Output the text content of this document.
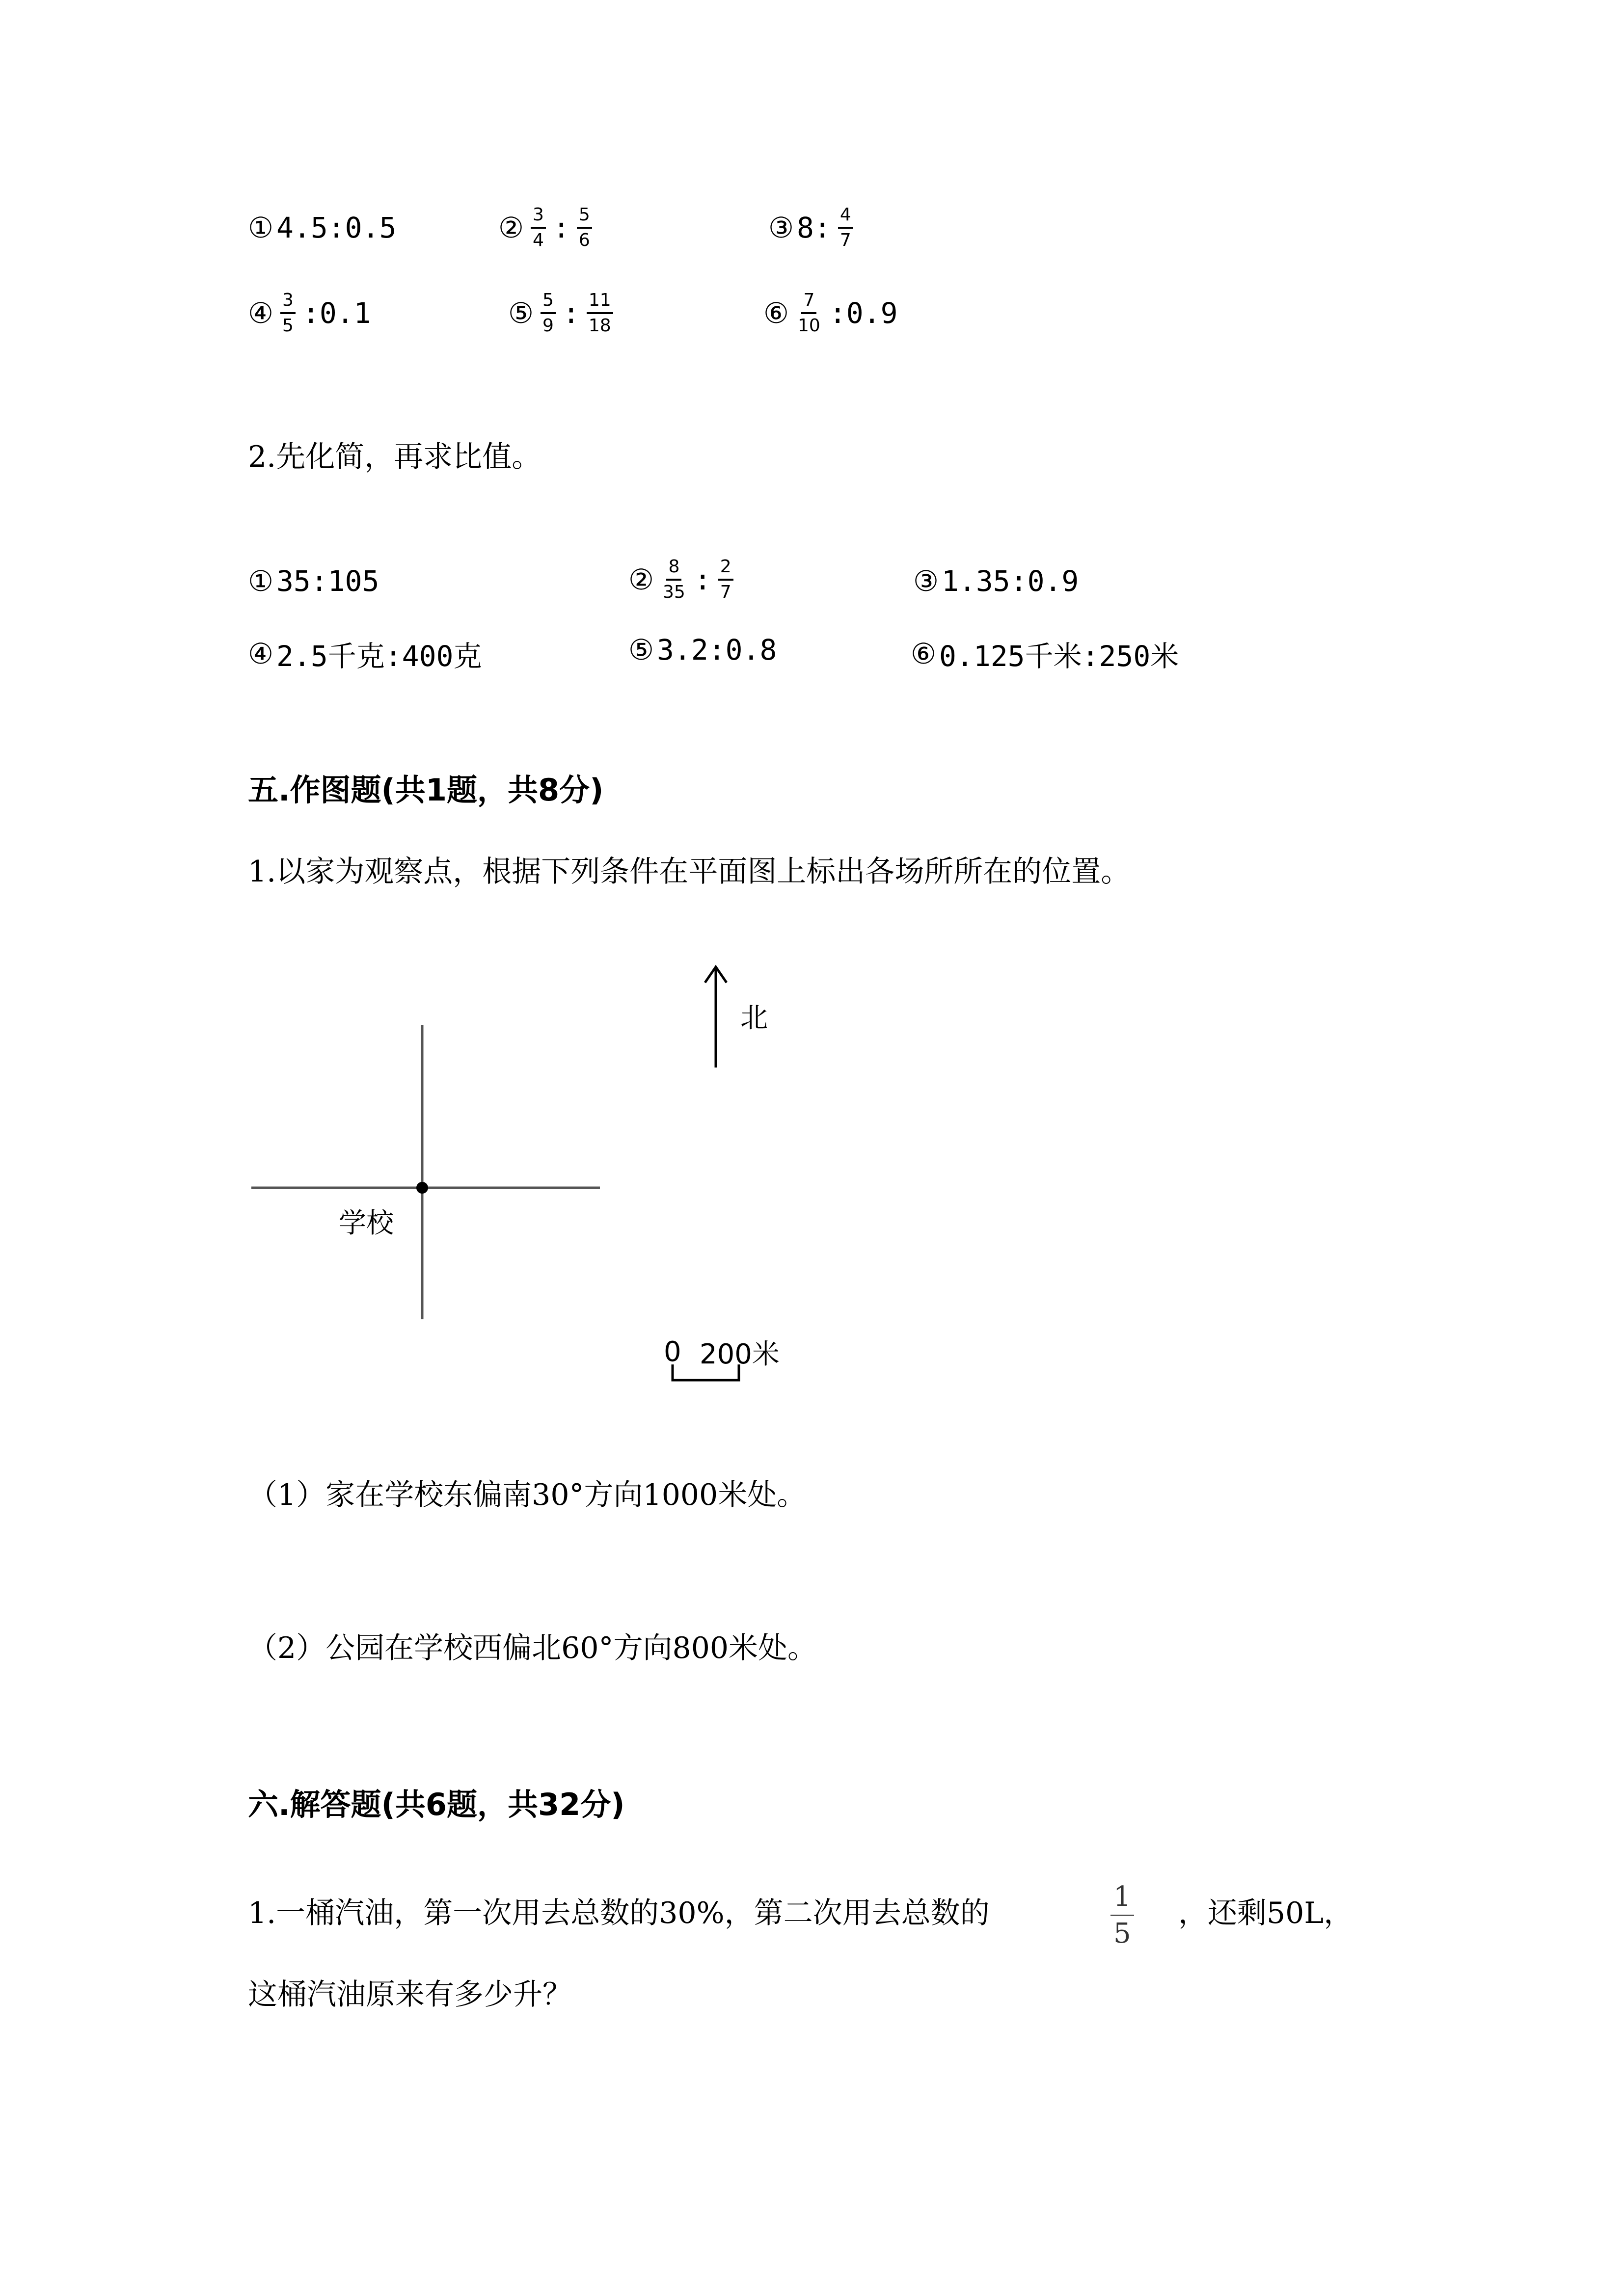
① 4.5:0.5	② $\frac{3}{4}$ : $\frac{5}{6}$	③ 8: $\frac{4}{7}$
④ $\frac{3}{5}$ :0.1	⑤ $\frac{5}{9}$ : $\frac{11}{18}$	⑥ $\frac{7}{10}$ :0.9
2.先化简，再求比值。
① 35:105	② $\frac{8}{35}$ : $\frac{2}{7}$	③ 1.35:0.9
④ 2.5千克:400克	⑤ 3.2:0.8	⑥ 0.125千米:250米
五.作图题(共1题，共8分)
1.以家为观察点，根据下列条件在平面图上标出各场所所在的位置。
北
学校
0 200米
（1）家在学校东偏南30°方向1000米处。
（2）公园在学校西偏北60°方向800米处。
六.解答题(共6题，共32分)
1.一桶汽油，第一次用去总数的30%，第二次用去总数的	$\frac{1}{5}$ ，还剩50L，
这桶汽油原来有多少升？
